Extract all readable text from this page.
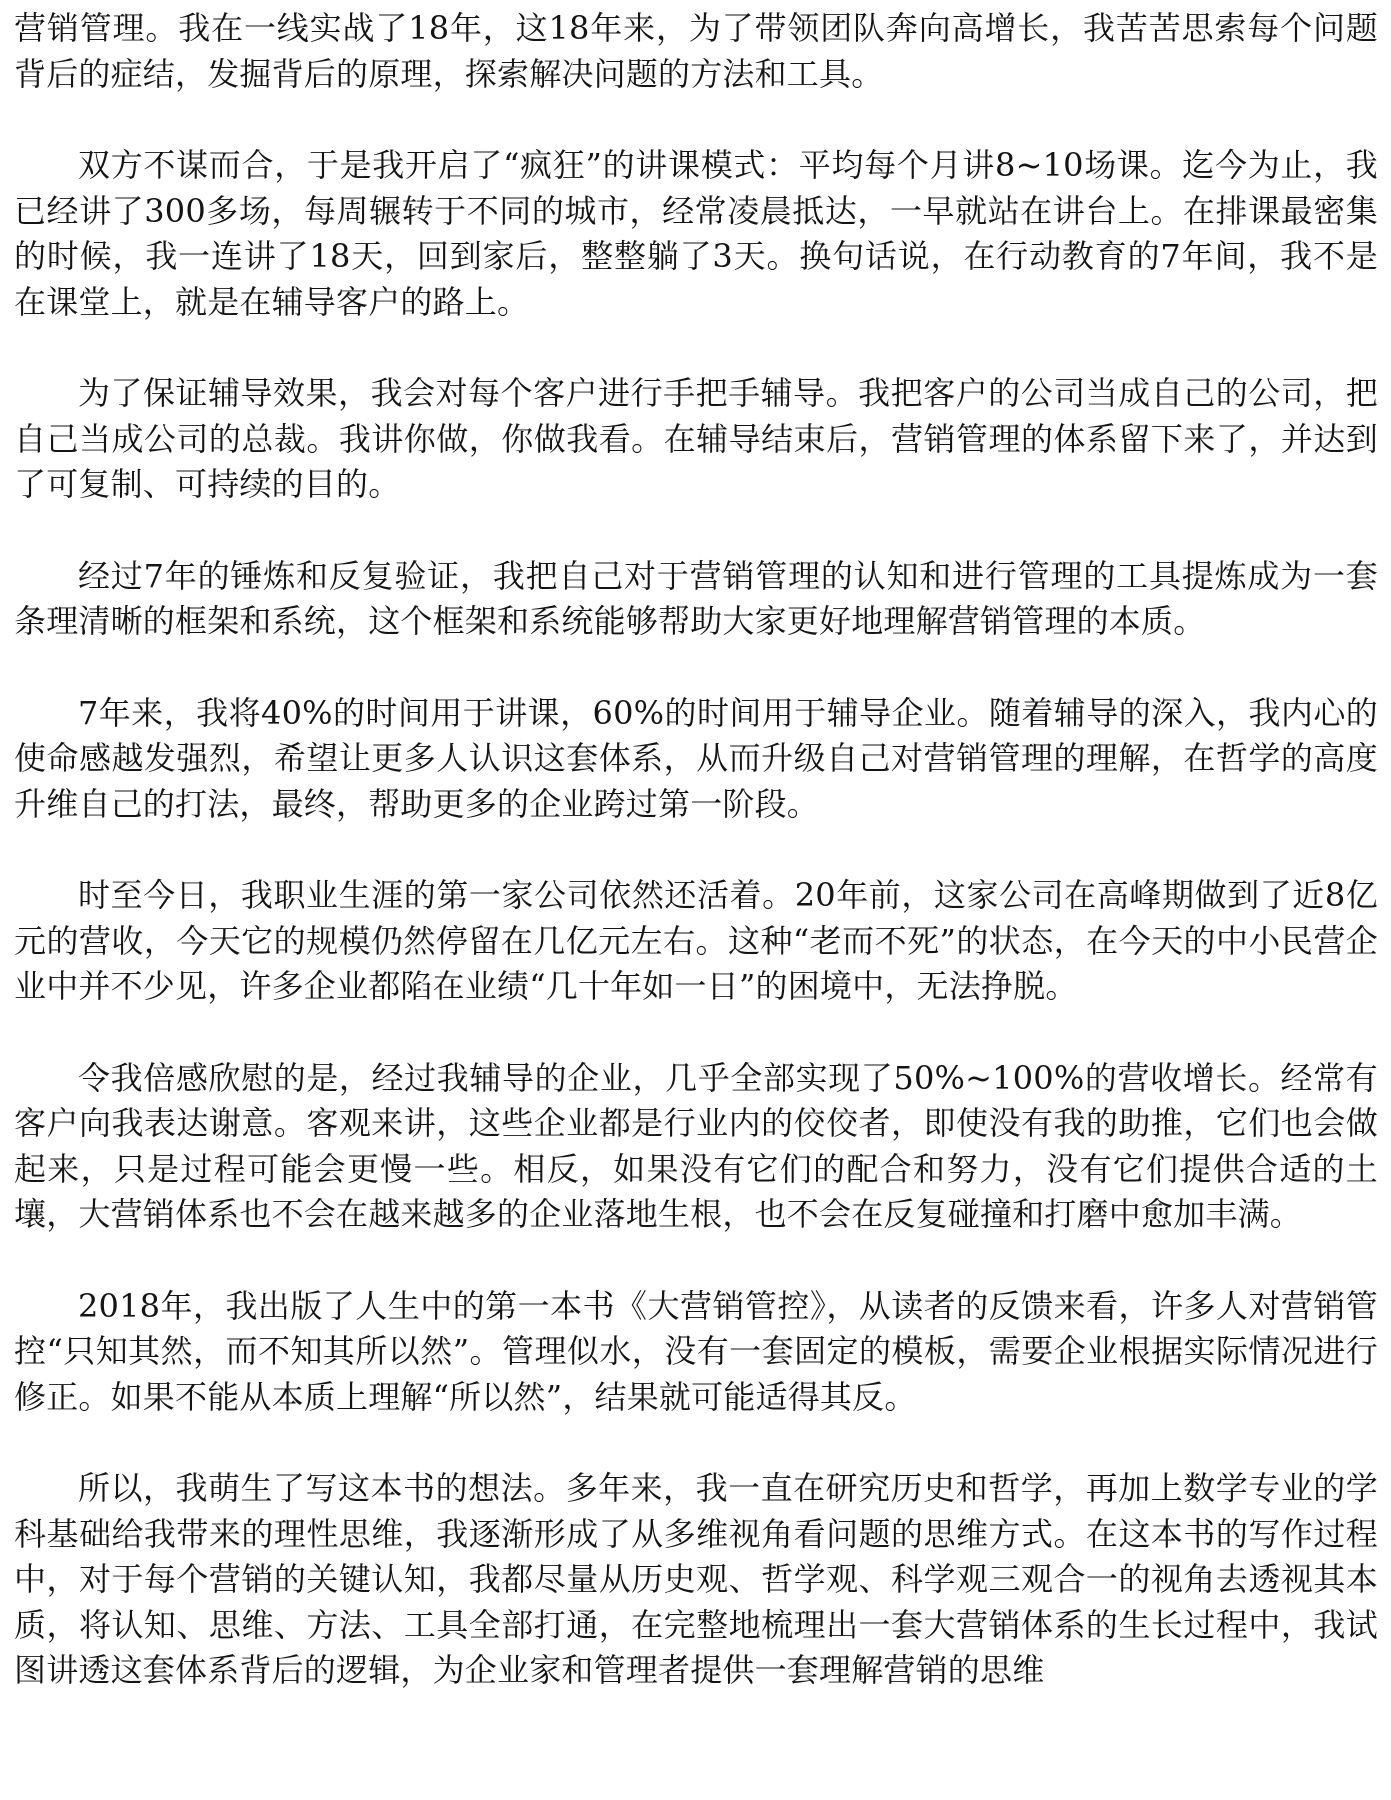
营销管理。我在一线实战了18年，这18年来，为了带领团队奔向高增长，我苦苦思索每个问题背后的症结，发掘背后的原理，探索解决问题的方法和工具。

双方不谋而合，于是我开启了“疯狂”的讲课模式：平均每个月讲8~10场课。迄今为止，我已经讲了300多场，每周辗转于不同的城市，经常凌晨抵达，一早就站在讲台上。在排课最密集的时候，我一连讲了18天，回到家后，整整躺了3天。换句话说，在行动教育的7年间，我不是在课堂上，就是在辅导客户的路上。

为了保证辅导效果，我会对每个客户进行手把手辅导。我把客户的公司当成自己的公司，把自己当成公司的总裁。我讲你做，你做我看。在辅导结束后，营销管理的体系留下来了，并达到了可复制、可持续的目的。

经过7年的锤炼和反复验证，我把自己对于营销管理的认知和进行管理的工具提炼成为一套条理清晰的框架和系统，这个框架和系统能够帮助大家更好地理解营销管理的本质。

7年来，我将40%的时间用于讲课，60%的时间用于辅导企业。随着辅导的深入，我内心的使命感越发强烈，希望让更多人认识这套体系，从而升级自己对营销管理的理解，在哲学的高度升维自己的打法，最终，帮助更多的企业跨过第一阶段。

时至今日，我职业生涯的第一家公司依然还活着。20年前，这家公司在高峰期做到了近8亿元的营收，今天它的规模仍然停留在几亿元左右。这种“老而不死”的状态，在今天的中小民营企业中并不少见，许多企业都陷在业绩“几十年如一日”的困境中，无法挣脱。

令我倍感欣慰的是，经过我辅导的企业，几乎全部实现了50%~100%的营收增长。经常有客户向我表达谢意。客观来讲，这些企业都是行业内的佼佼者，即使没有我的助推，它们也会做起来，只是过程可能会更慢一些。相反，如果没有它们的配合和努力，没有它们提供合适的土壤，大营销体系也不会在越来越多的企业落地生根，也不会在反复碰撞和打磨中愈加丰满。

2018年，我出版了人生中的第一本书《大营销管控》，从读者的反馈来看，许多人对营销管控“只知其然，而不知其所以然”。管理似水，没有一套固定的模板，需要企业根据实际情况进行修正。如果不能从本质上理解“所以然”，结果就可能适得其反。

所以，我萌生了写这本书的想法。多年来，我一直在研究历史和哲学，再加上数学专业的学科基础给我带来的理性思维，我逐渐形成了从多维视角看问题的思维方式。在这本书的写作过程中，对于每个营销的关键认知，我都尽量从历史观、哲学观、科学观三观合一的视角去透视其本质，将认知、思维、方法、工具全部打通，在完整地梳理出一套大营销体系的生长过程中，我试图讲透这套体系背后的逻辑，为企业家和管理者提供一套理解营销的思维
